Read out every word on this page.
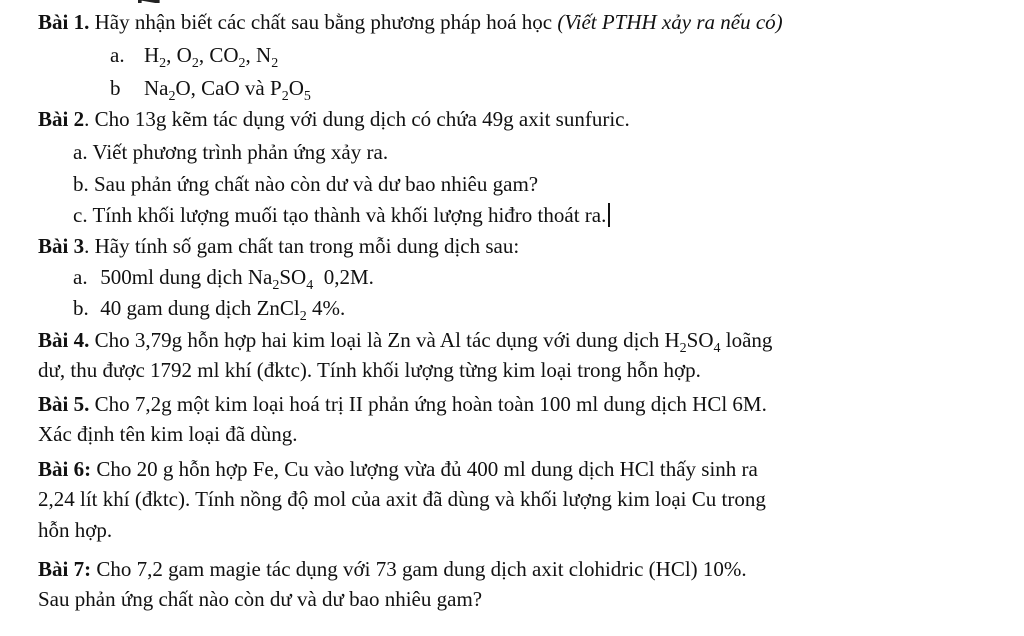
Bài 1. Hãy nhận biết các chất sau bằng phương pháp hoá học (Viết PTHH xảy ra nếu có)
a. $H_2$, $O_2$, $CO_2$, $N_2$
b $Na_2O$, CaO và $P_2O_5$
Bài 2. Cho 13g kẽm tác dụng với dung dịch có chứa 49g axit sunfuric.
a. Viết phương trình phản ứng xảy ra.
b. Sau phản ứng chất nào còn dư và dư bao nhiêu gam?
c. Tính khối lượng muối tạo thành và khối lượng hiđro thoát ra.
Bài 3. Hãy tính số gam chất tan trong mỗi dung dịch sau:
a. 500ml dung dịch $Na_2SO_4$ 0,2M.
b. 40 gam dung dịch ZnCl$_2$ 4%.
Bài 4. Cho 3,79g hỗn hợp hai kim loại là Zn và Al tác dụng với dung dịch $H_2SO_4$ loãng
dư, thu được 1792 ml khí (đktc). Tính khối lượng từng kim loại trong hỗn hợp.
Bài 5. Cho 7,2g một kim loại hoá trị II phản ứng hoàn toàn 100 ml dung dịch HCl 6M.
Xác định tên kim loại đã dùng.
Bài 6: Cho 20 g hỗn hợp Fe, Cu vào lượng vừa đủ 400 ml dung dịch HCl thấy sinh ra
2,24 lít khí (đktc). Tính nồng độ mol của axit đã dùng và khối lượng kim loại Cu trong
hỗn hợp.
Bài 7: Cho 7,2 gam magie tác dụng với 73 gam dung dịch axit clohidric (HCl) 10%.
Sau phản ứng chất nào còn dư và dư bao nhiêu gam?
